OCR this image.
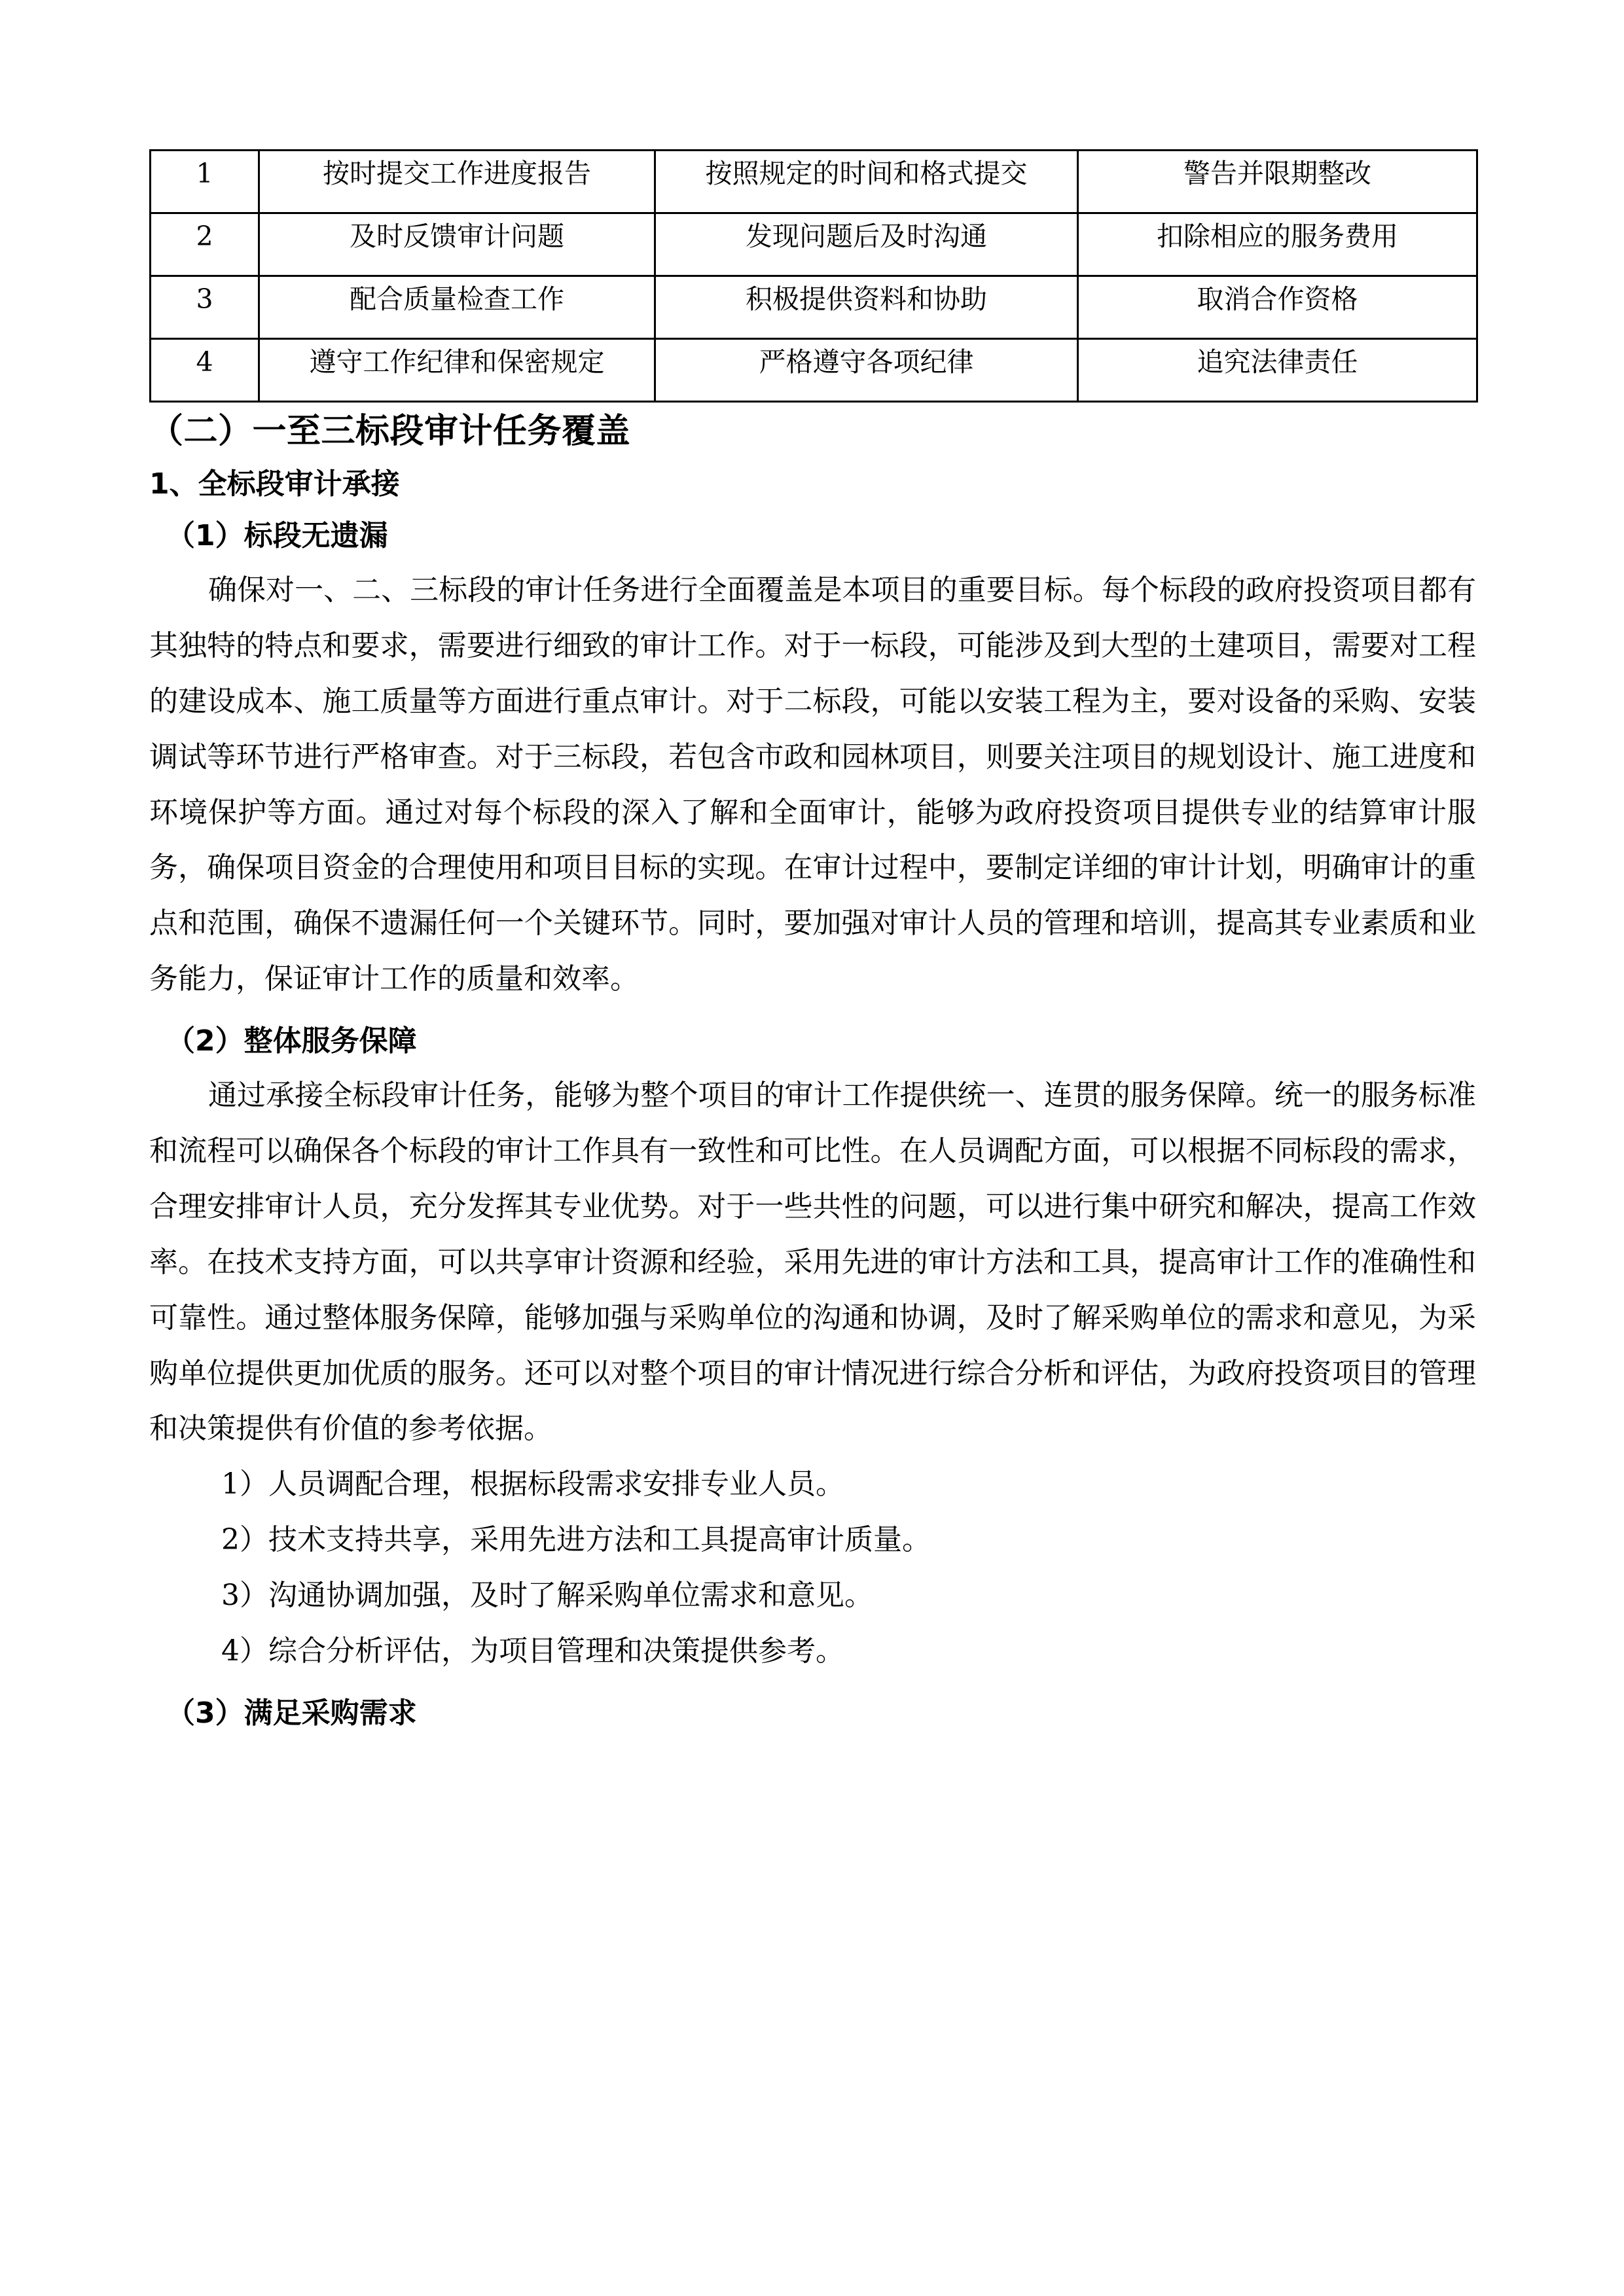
1	按时提交工作进度报告	按照规定的时间和格式提交	警告并限期整改
2	及时反馈审计问题	发现问题后及时沟通	扣除相应的服务费用
3	配合质量检查工作	积极提供资料和协助	取消合作资格
4	遵守工作纪律和保密规定	严格遵守各项纪律	追究法律责任
（二）一至三标段审计任务覆盖
1、全标段审计承接
（1）标段无遗漏

确保对一、二、三标段的审计任务进行全面覆盖是本项目的重要目标。每个标段的政府投资项目都有其独特的特点和要求，需要进行细致的审计工作。对于一标段，可能涉及到大型的土建项目，需要对工程的建设成本、施工质量等方面进行重点审计。对于二标段，可能以安装工程为主，要对设备的采购、安装调试等环节进行严格审查。对于三标段，若包含市政和园林项目，则要关注项目的规划设计、施工进度和环境保护等方面。通过对每个标段的深入了解和全面审计，能够为政府投资项目提供专业的结算审计服务，确保项目资金的合理使用和项目目标的实现。在审计过程中，要制定详细的审计计划，明确审计的重点和范围，确保不遗漏任何一个关键环节。同时，要加强对审计人员的管理和培训，提高其专业素质和业务能力，保证审计工作的质量和效率。

（2）整体服务保障

通过承接全标段审计任务，能够为整个项目的审计工作提供统一、连贯的服务保障。统一的服务标准和流程可以确保各个标段的审计工作具有一致性和可比性。在人员调配方面，可以根据不同标段的需求，合理安排审计人员，充分发挥其专业优势。对于一些共性的问题，可以进行集中研究和解决，提高工作效率。在技术支持方面，可以共享审计资源和经验，采用先进的审计方法和工具，提高审计工作的准确性和可靠性。通过整体服务保障，能够加强与采购单位的沟通和协调，及时了解采购单位的需求和意见，为采购单位提供更加优质的服务。还可以对整个项目的审计情况进行综合分析和评估，为政府投资项目的管理和决策提供有价值的参考依据。

1）人员调配合理，根据标段需求安排专业人员。

2）技术支持共享，采用先进方法和工具提高审计质量。

3）沟通协调加强，及时了解采购单位需求和意见。

4）综合分析评估，为项目管理和决策提供参考。

（3）满足采购需求
